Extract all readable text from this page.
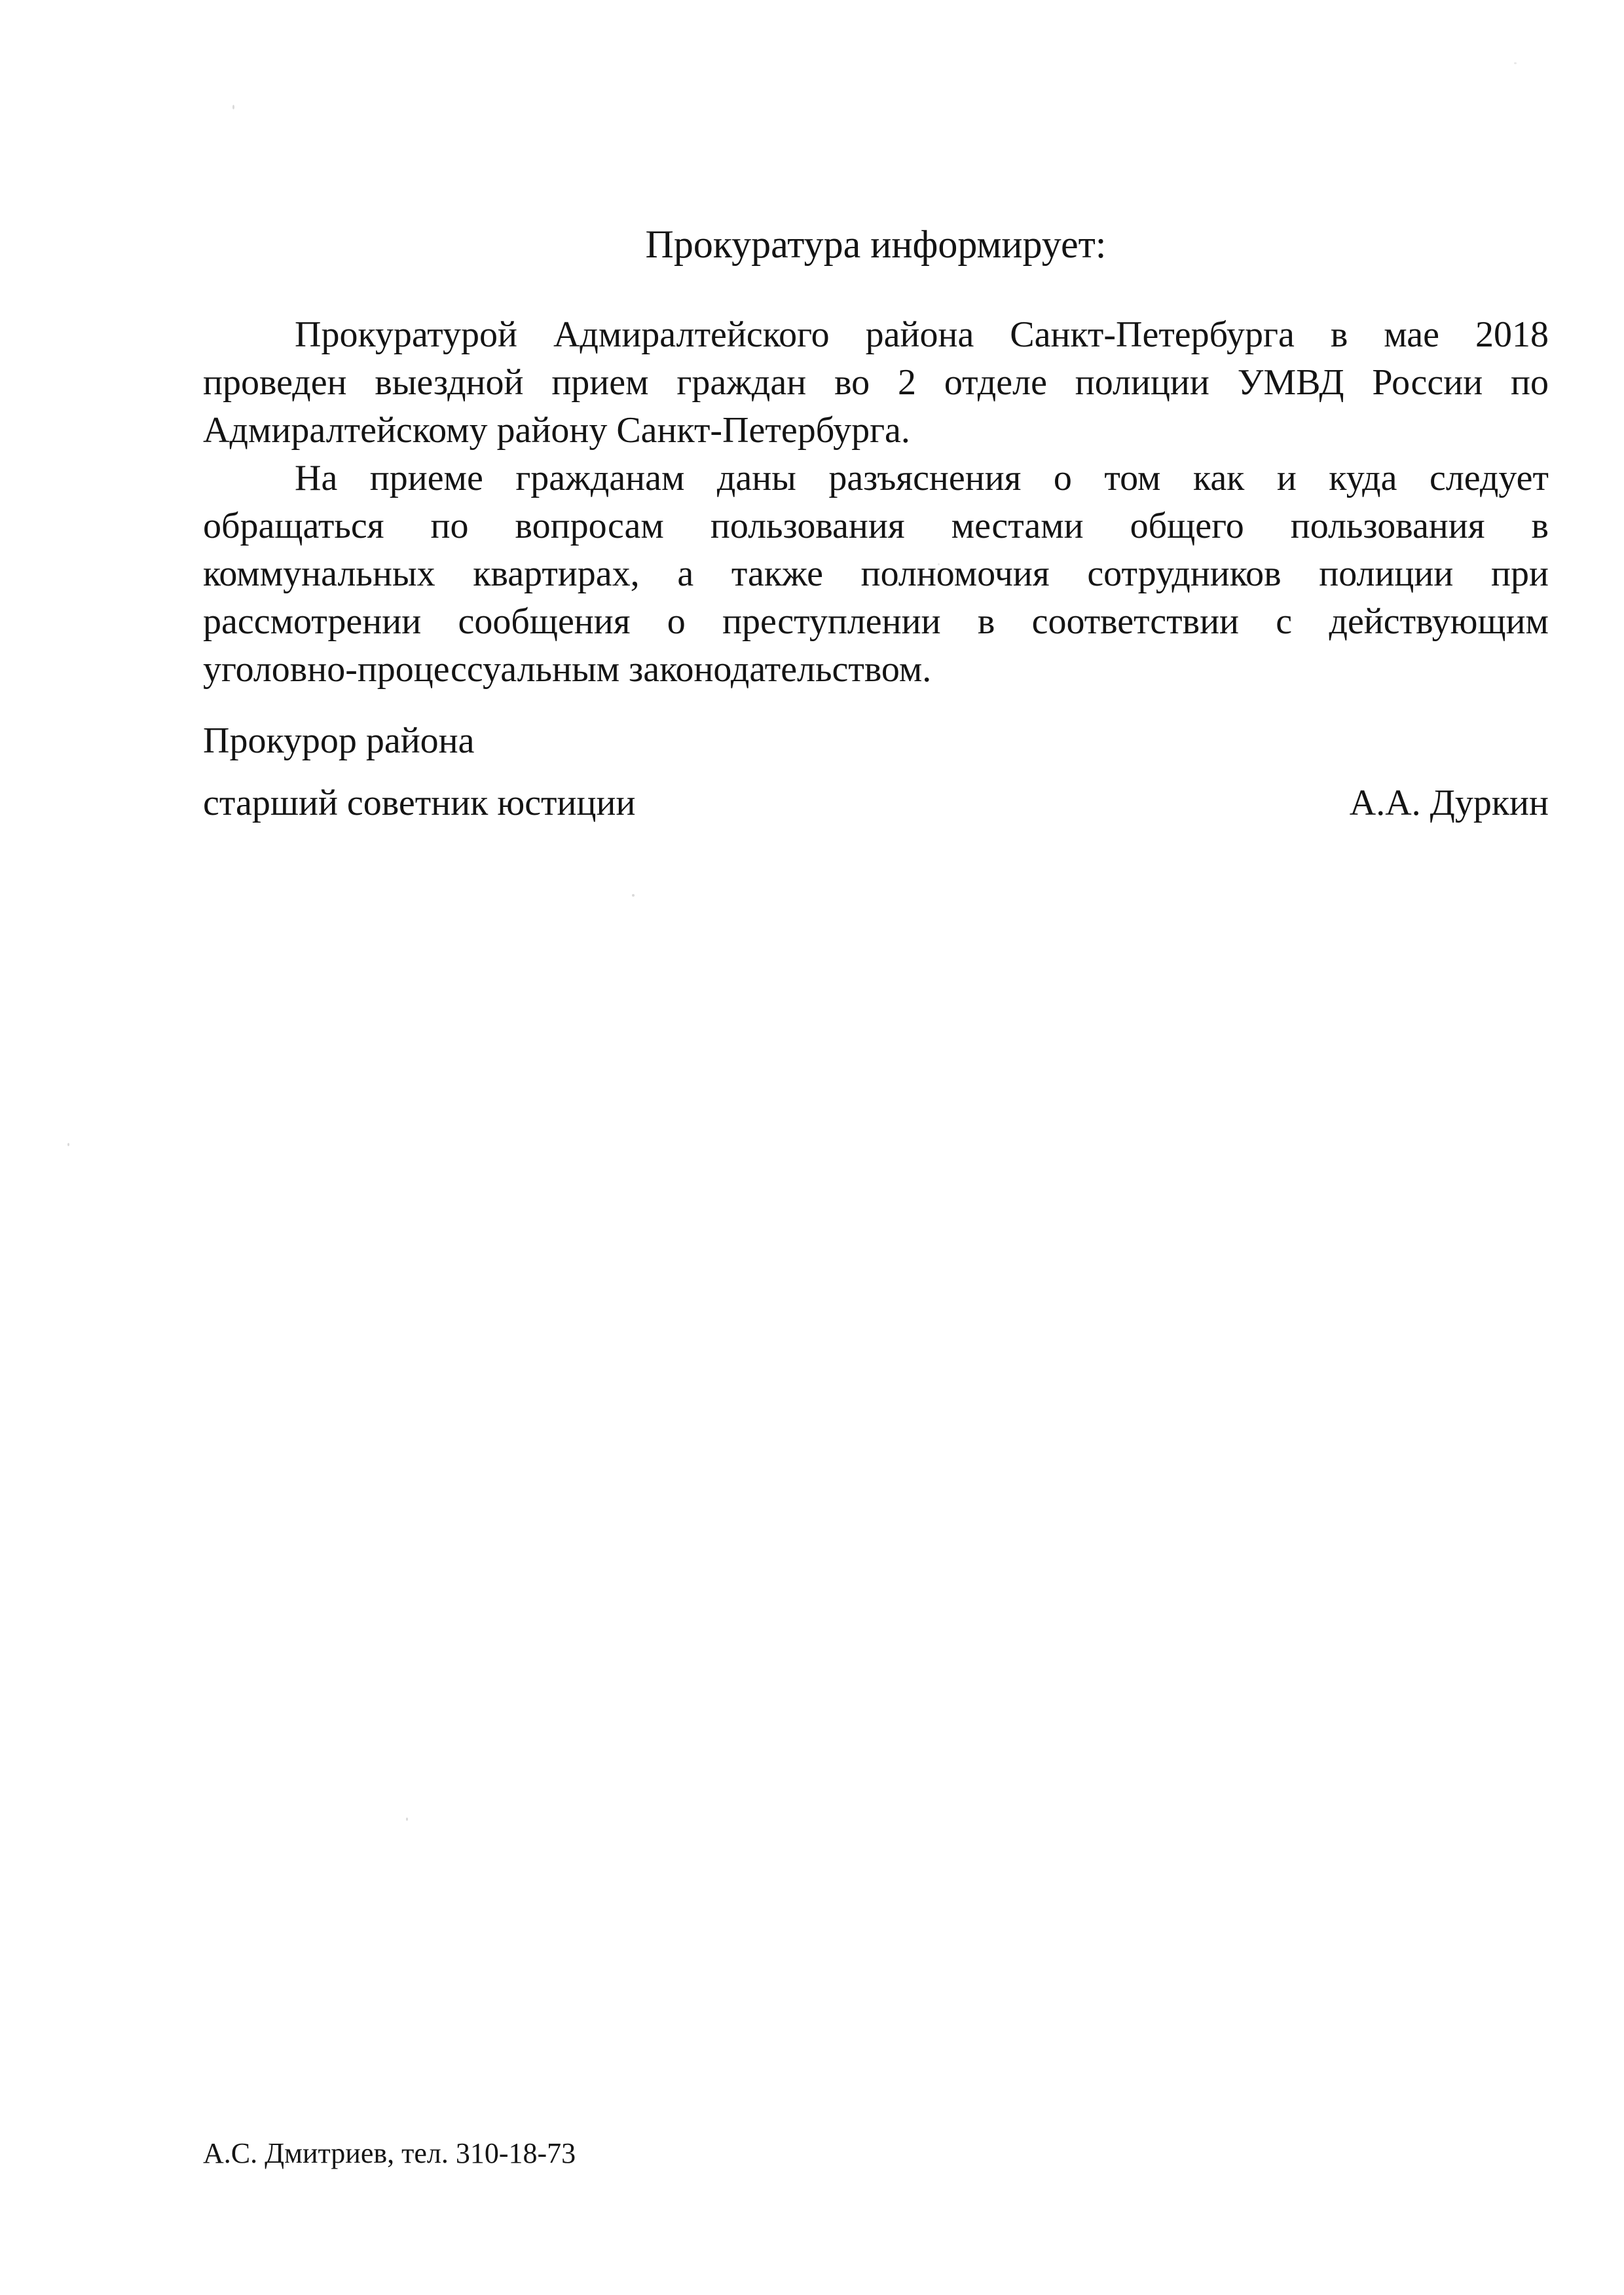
Прокуратура информирует:
Прокуратурой Адмиралтейского района Санкт-Петербурга в мае 2018
проведен выездной прием граждан во 2 отделе полиции УМВД России по
Адмиралтейскому району Санкт-Петербурга.
На приеме гражданам даны разъяснения о том как и куда следует
обращаться по вопросам пользования местами общего пользования в
коммунальных квартирах, а также полномочия сотрудников полиции при
рассмотрении сообщения о преступлении в соответствии с действующим
уголовно-процессуальным законодательством.
Прокурор района
старший советник юстиции	А.А. Дуркин
А.С. Дмитриев, тел. 310-18-73
